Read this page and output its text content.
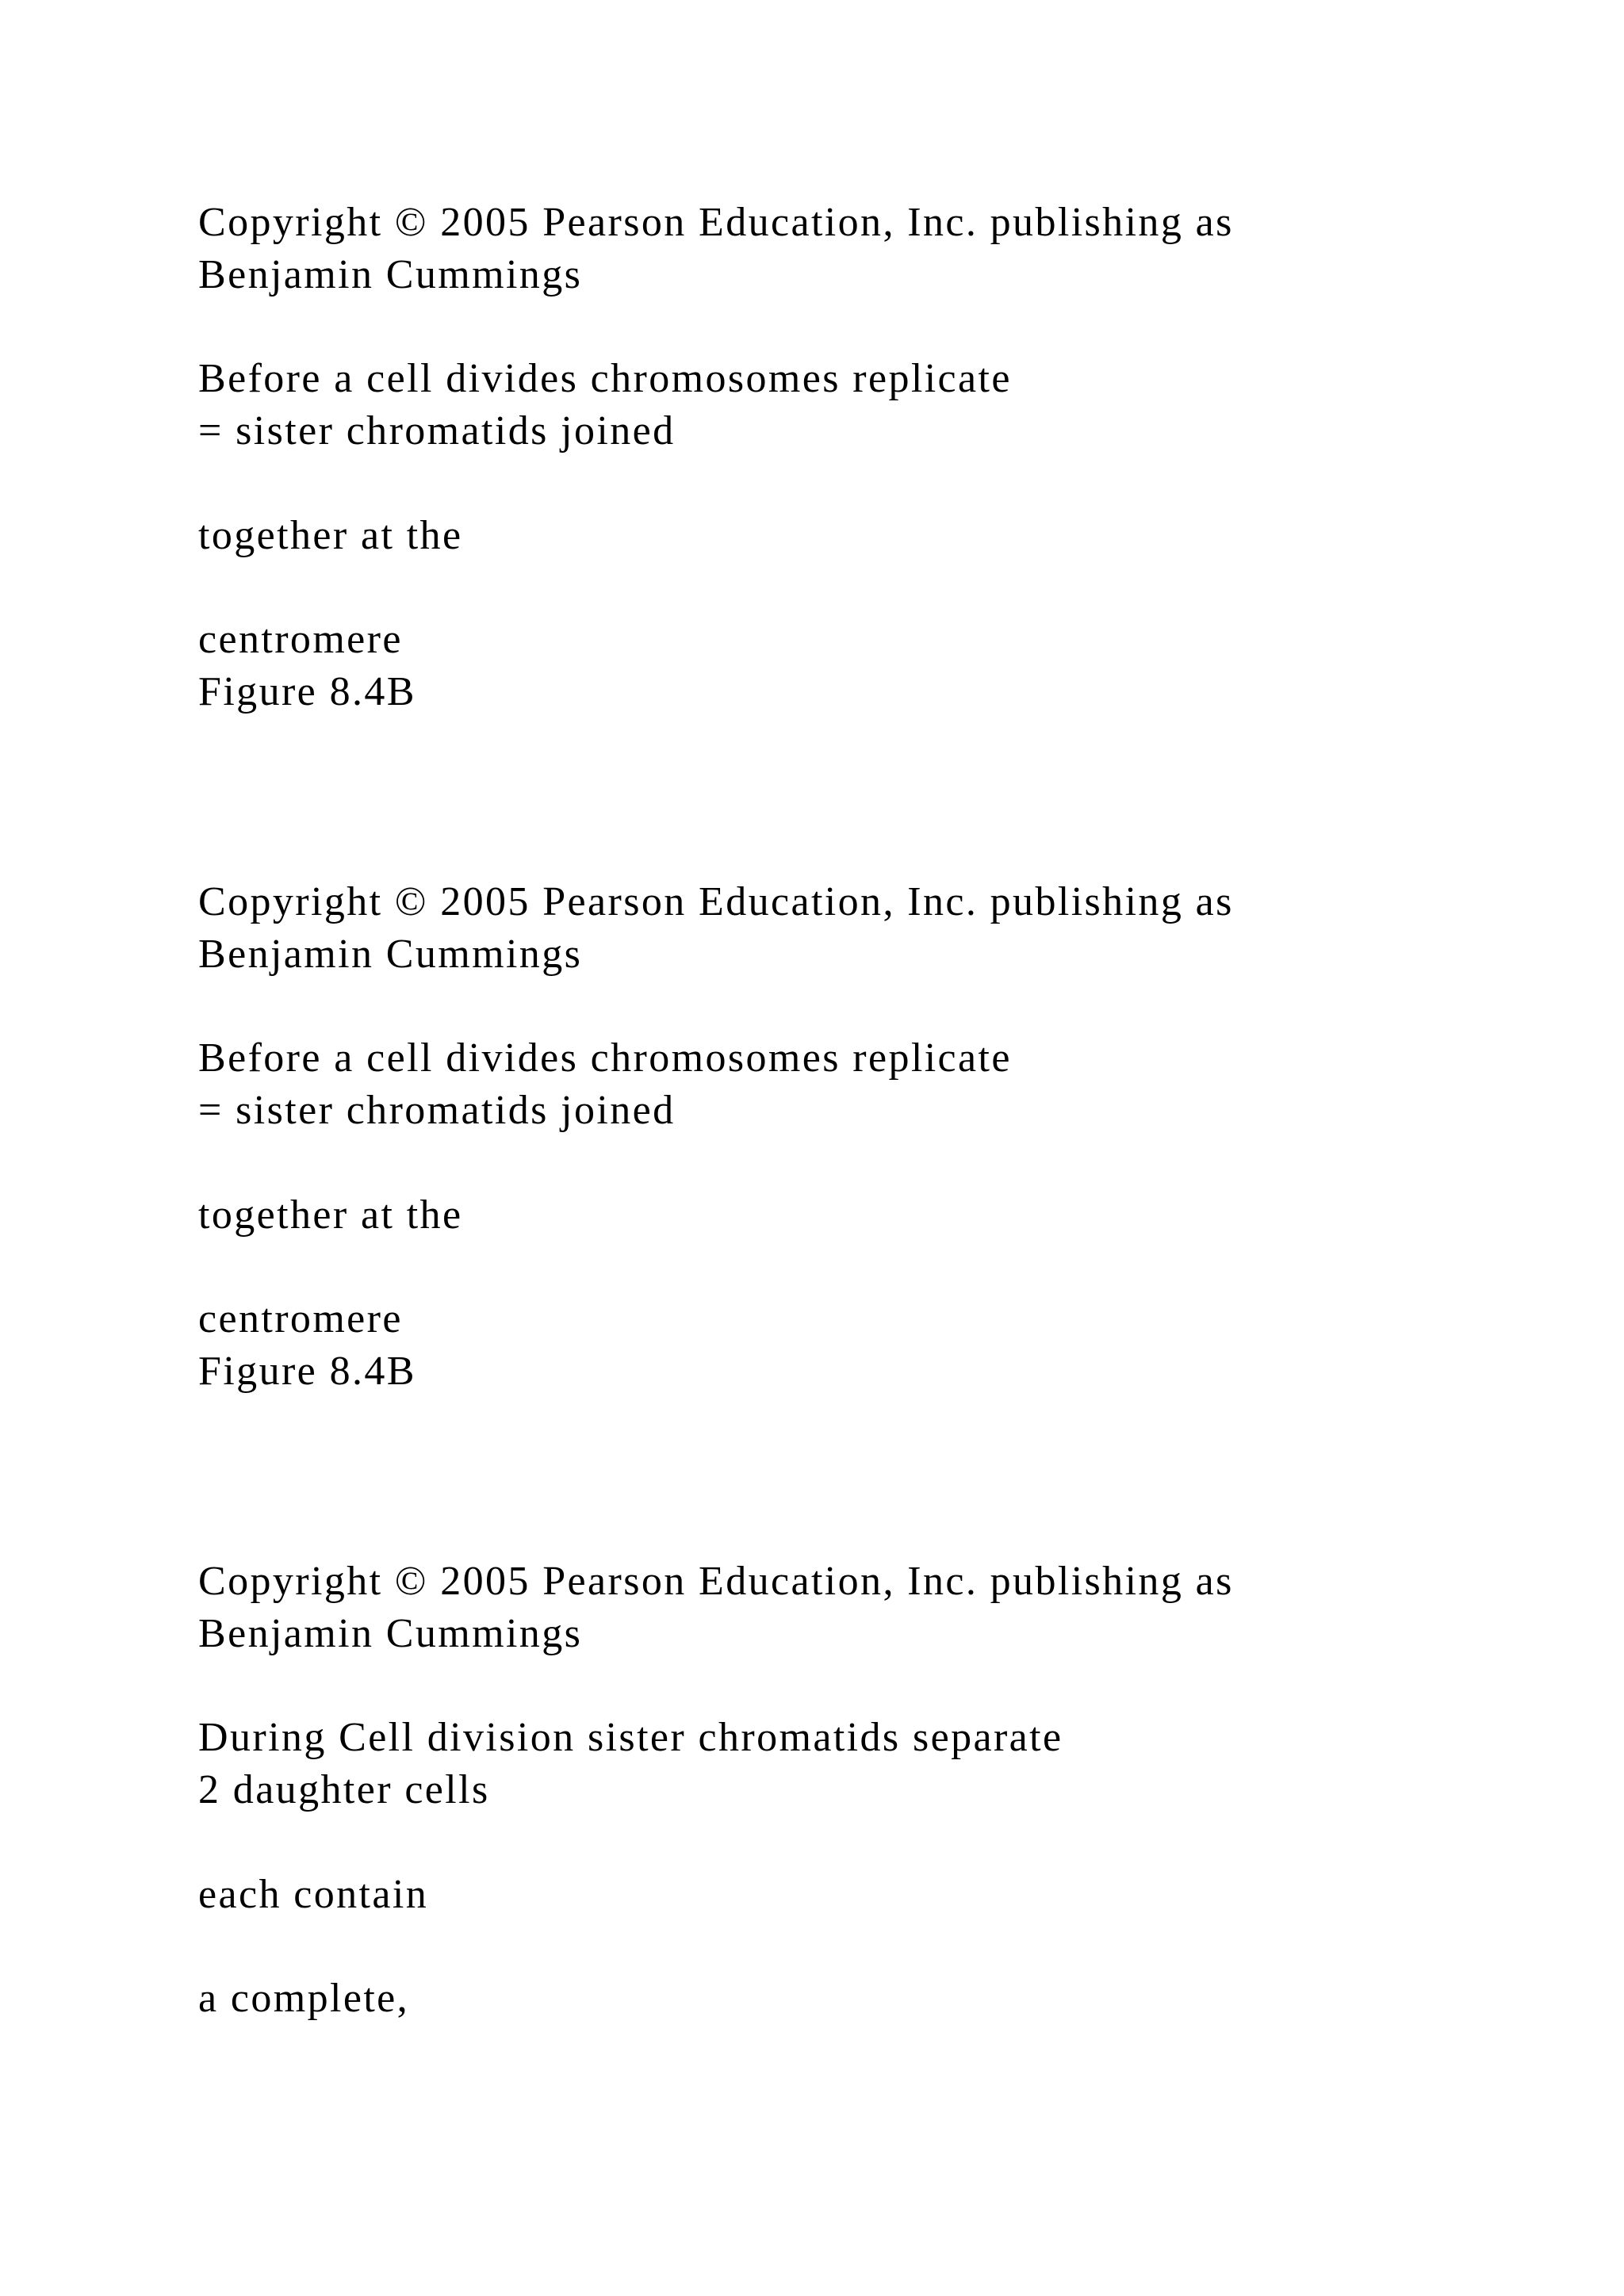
Copyright © 2005 Pearson Education, Inc. publishing as

Benjamin Cummings

Before a cell divides chromosomes replicate

= sister chromatids joined

together at the

centromere

Figure 8.4B

Copyright © 2005 Pearson Education, Inc. publishing as

Benjamin Cummings

Before a cell divides chromosomes replicate

= sister chromatids joined

together at the

centromere

Figure 8.4B

Copyright © 2005 Pearson Education, Inc. publishing as

Benjamin Cummings

During Cell division sister chromatids separate

2 daughter cells

each contain

a complete,
